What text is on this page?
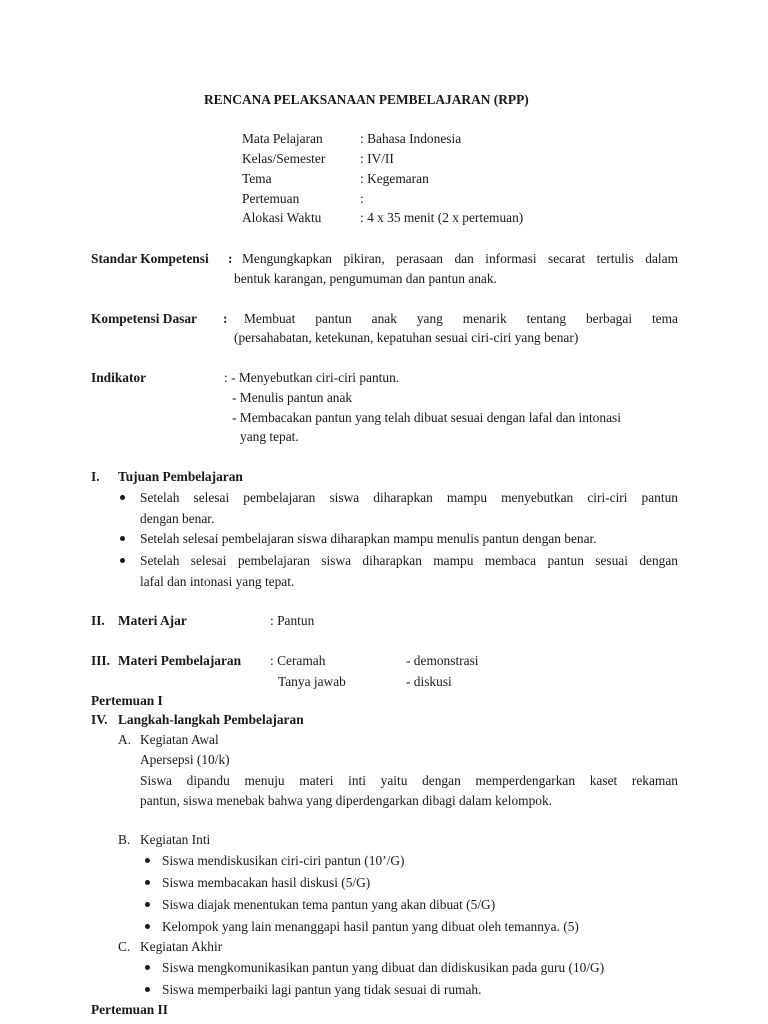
RENCANA PELAKSANAAN PEMBELAJARAN (RPP)
Mata Pelajaran	: Bahasa Indonesia
Kelas/Semester	: IV/II
Tema	: Kegemaran
Pertemuan	:
Alokasi Waktu	: 4 x 35 menit (2 x pertemuan)
Standar Kompetensi : Mengungkapkan pikiran, perasaan dan informasi secarat tertulis dalam
bentuk karangan, pengumuman dan pantun anak.
Kompetensi Dasar : Membuat pantun anak yang menarik tentang berbagai tema
(persahabatan, ketekunan, kepatuhan sesuai ciri-ciri yang benar)
Indikator	: - Menyebutkan ciri-ciri pantun.
- Menulis pantun anak
- Membacakan pantun yang telah dibuat sesuai dengan lafal dan intonasi
yang tepat.
I. Tujuan Pembelajaran
Setelah selesai pembelajaran siswa diharapkan mampu menyebutkan ciri-ciri pantun
dengan benar.
Setelah selesai pembelajaran siswa diharapkan mampu menulis pantun dengan benar.
Setelah selesai pembelajaran siswa diharapkan mampu membaca pantun sesuai dengan
lafal dan intonasi yang tepat.
II. Materi Ajar	: Pantun
III. Materi Pembelajaran : Ceramah	- demonstrasi
Tanya jawab	- diskusi
Pertemuan I
IV. Langkah-langkah Pembelajaran
A. Kegiatan Awal
Apersepsi (10/k)
Siswa dipandu menuju materi inti yaitu dengan memperdengarkan kaset rekaman
pantun, siswa menebak bahwa yang diperdengarkan dibagi dalam kelompok.
B. Kegiatan Inti
Siswa mendiskusikan ciri-ciri pantun (10’/G)
Siswa membacakan hasil diskusi (5/G)
Siswa diajak menentukan tema pantun yang akan dibuat (5/G)
Kelompok yang lain menanggapi hasil pantun yang dibuat oleh temannya. (5)
C. Kegiatan Akhir
Siswa mengkomunikasikan pantun yang dibuat dan didiskusikan pada guru (10/G)
Siswa memperbaiki lagi pantun yang tidak sesuai di rumah.
Pertemuan II
